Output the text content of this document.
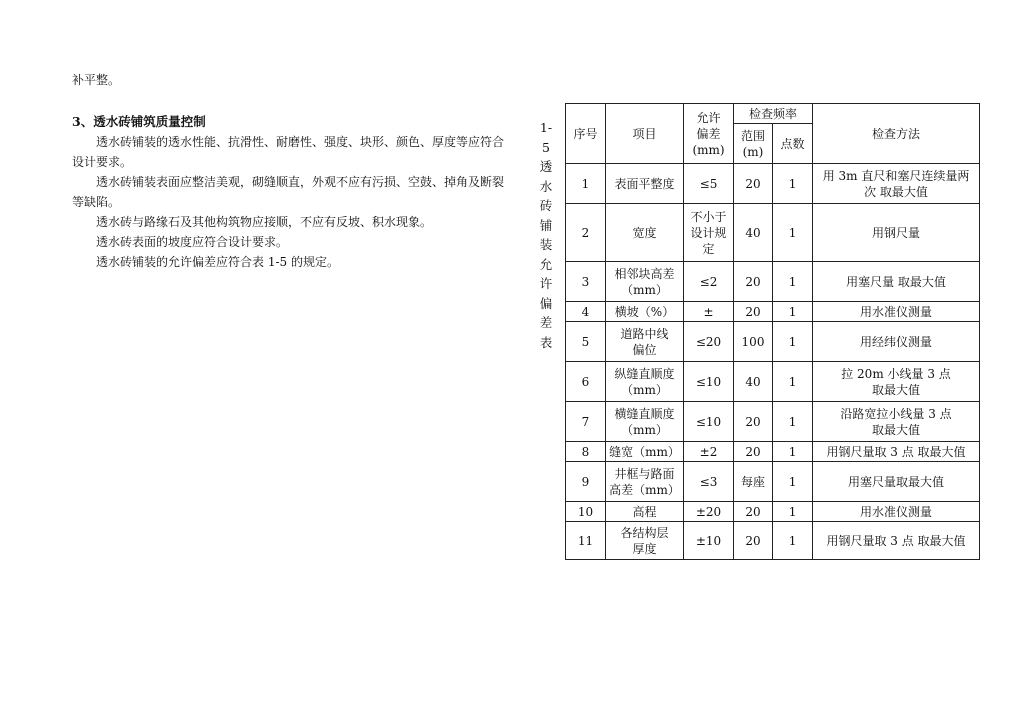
补平整。

3、透水砖铺筑质量控制

透水砖铺装的透水性能、抗滑性、耐磨性、强度、块形、颜色、厚度等应符合设计要求。

透水砖铺装表面应整洁美观，砌缝顺直，外观不应有污损、空鼓、掉角及断裂等缺陷。

透水砖与路缘石及其他构筑物应接顺，不应有反坡、积水现象。

透水砖表面的坡度应符合设计要求。

透水砖铺装的允许偏差应符合表 1-5 的规定。

1-
5
透
水
砖
铺
装
允
许
偏
差
表
序号	项目	允许
偏差
(mm)	检查频率		检查方法

			范围
(m)	点数	

1	表面平整度	≤5	20	1	用 3m 直尺和塞尺连续量两
次 取最大值

2	宽度	不小于
设计规
定	40	1	用钢尺量

3	相邻块高差
（mm）	≤2	20	1	用塞尺量 取最大值

4	横坡（%）	±	20	1	用水准仪测量

5	道路中线
偏位	≤20	100	1	用经纬仪测量

6	纵缝直顺度
（mm）	≤10	40	1	拉 20m 小线量 3 点
取最大值

7	横缝直顺度
（mm）	≤10	20	1	沿路宽拉小线量 3 点
取最大值

8	缝宽（mm）	±2	20	1	用钢尺量取 3 点 取最大值

9	井框与路面
高差（mm）	≤3	每座	1	用塞尺量取最大值

10	高程	±20	20	1	用水准仪测量

11	各结构层
厚度	±10	20	1	用钢尺量取 3 点 取最大值
